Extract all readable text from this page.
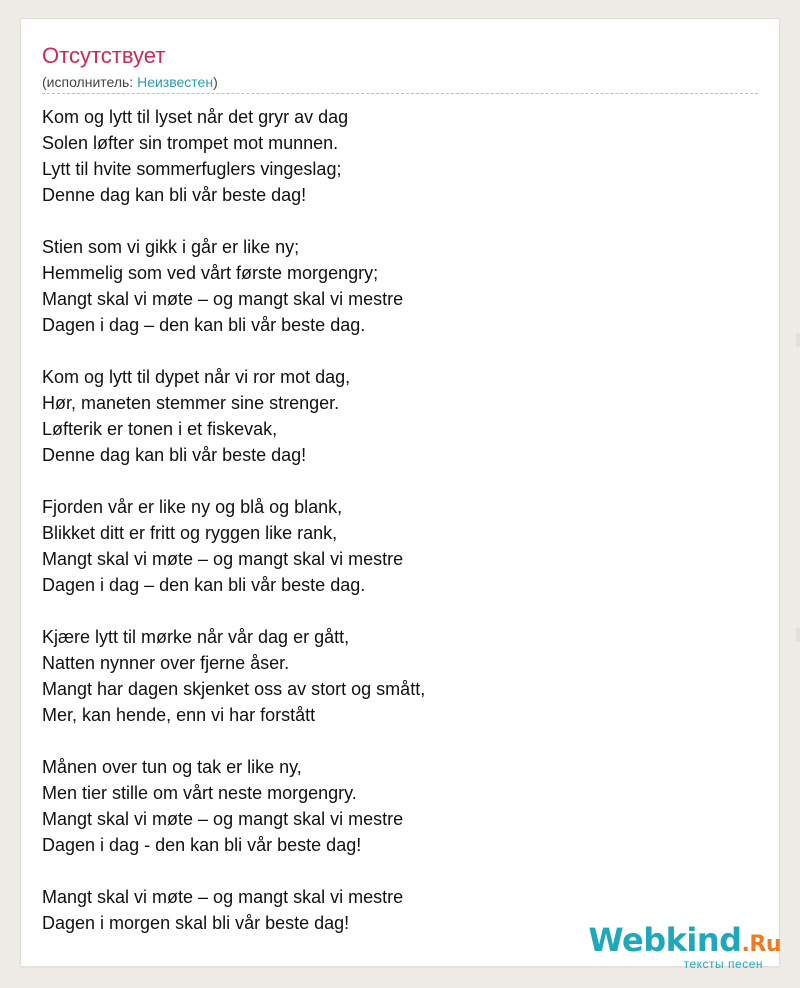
Отсутствует
(исполнитель: Неизвестен)
Kom og lytt til lyset når det gryr av dag
Solen løfter sin trompet mot munnen.
Lytt til hvite sommerfuglers vingeslag;
Denne dag kan bli vår beste dag!
Stien som vi gikk i går er like ny;
Hemmelig som ved vårt første morgengry;
Mangt skal vi møte – og mangt skal vi mestre
Dagen i dag – den kan bli vår beste dag.
Kom og lytt til dypet når vi ror mot dag,
Hør, maneten stemmer sine strenger.
Løfterik er tonen i et fiskevak,
Denne dag kan bli vår beste dag!
Fjorden vår er like ny og blå og blank,
Blikket ditt er fritt og ryggen like rank,
Mangt skal vi møte – og mangt skal vi mestre
Dagen i dag – den kan bli vår beste dag.
Kjære lytt til mørke når vår dag er gått,
Natten nynner over fjerne åser.
Mangt har dagen skjenket oss av stort og smått,
Mer, kan hende, enn vi har forstått
Månen over tun og tak er like ny,
Men tier stille om vårt neste morgengry.
Mangt skal vi møte – og mangt skal vi mestre
Dagen i dag - den kan bli vår beste dag!
Mangt skal vi møte – og mangt skal vi mestre
Dagen i morgen skal bli vår beste dag!	Webkind.Ru
тексты песен
